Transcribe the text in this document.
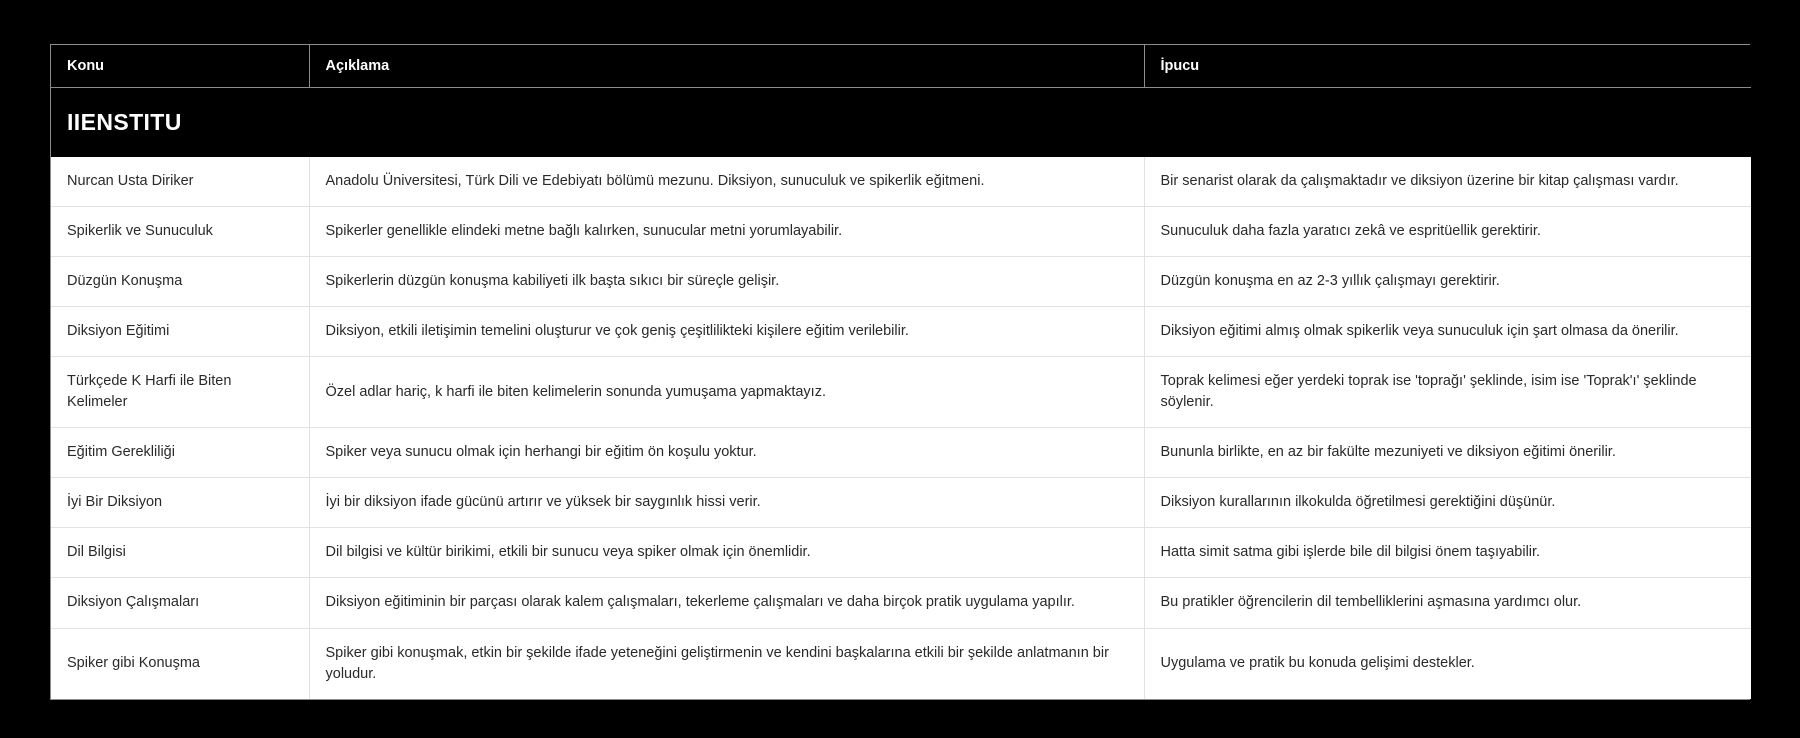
IIENSTITU		
Konu	Açıklama	İpucu
Nurcan Usta Diriker	Anadolu Üniversitesi, Türk Dili ve Edebiyatı bölümü mezunu. Diksiyon, sunuculuk ve spikerlik eğitmeni.	Bir senarist olarak da çalışmaktadır ve diksiyon üzerine bir kitap çalışması vardır.
Spikerlik ve Sunuculuk	Spikerler genellikle elindeki metne bağlı kalırken, sunucular metni yorumlayabilir.	Sunuculuk daha fazla yaratıcı zekâ ve espritüellik gerektirir.
Düzgün Konuşma	Spikerlerin düzgün konuşma kabiliyeti ilk başta sıkıcı bir süreçle gelişir.	Düzgün konuşma en az 2-3 yıllık çalışmayı gerektirir.
Diksiyon Eğitimi	Diksiyon, etkili iletişimin temelini oluşturur ve çok geniş çeşitlilikteki kişilere eğitim verilebilir.	Diksiyon eğitimi almış olmak spikerlik veya sunuculuk için şart olmasa da önerilir.
Türkçede K Harfi ile Biten Kelimeler	Özel adlar hariç, k harfi ile biten kelimelerin sonunda yumuşama yapmaktayız.	Toprak kelimesi eğer yerdeki toprak ise 'toprağı' şeklinde, isim ise 'Toprak'ı' şeklinde söylenir.
Eğitim Gerekliliği	Spiker veya sunucu olmak için herhangi bir eğitim ön koşulu yoktur.	Bununla birlikte, en az bir fakülte mezuniyeti ve diksiyon eğitimi önerilir.
İyi Bir Diksiyon	İyi bir diksiyon ifade gücünü artırır ve yüksek bir saygınlık hissi verir.	Diksiyon kurallarının ilkokulda öğretilmesi gerektiğini düşünür.
Dil Bilgisi	Dil bilgisi ve kültür birikimi, etkili bir sunucu veya spiker olmak için önemlidir.	Hatta simit satma gibi işlerde bile dil bilgisi önem taşıyabilir.
Diksiyon Çalışmaları	Diksiyon eğitiminin bir parçası olarak kalem çalışmaları, tekerleme çalışmaları ve daha birçok pratik uygulama yapılır.	Bu pratikler öğrencilerin dil tembelliklerini aşmasına yardımcı olur.
Spiker gibi Konuşma	Spiker gibi konuşmak, etkin bir şekilde ifade yeteneğini geliştirmenin ve kendini başkalarına etkili bir şekilde anlatmanın bir yoludur.	Uygulama ve pratik bu konuda gelişimi destekler.
